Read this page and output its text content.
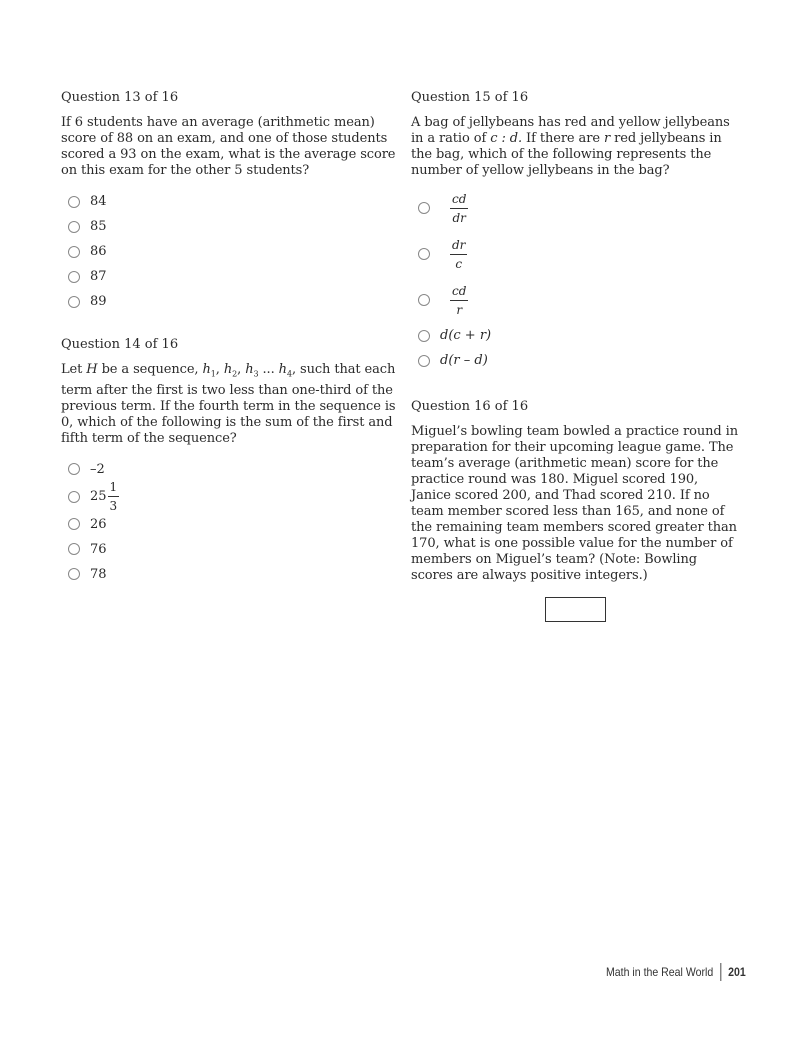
Question 13 of 16

If 6 students have an average (arithmetic mean) score of 88 on an exam, and one of those students scored a 93 on the exam, what is the average score on this exam for the other 5 students?

84
85
86
87
89
Question 14 of 16

Let H be a sequence, $h_1$, $h_2$, $h_3$ ... $h_4$, such that each term after the first is two less than one-third of the previous term. If the fourth term in the sequence is 0, which of the following is the sum of the first and fifth term of the sequence?

–2
$25 \frac{1}{3}$
26
76
78
Question 15 of 16

A bag of jellybeans has red and yellow jellybeans in a ratio of c : d. If there are r red jellybeans in the bag, which of the following represents the number of yellow jellybeans in the bag?

$\frac{cd}{dr}$
$\frac{dr}{c}$
$\frac{cd}{r}$
d(c + r)
d(r – d)
Question 16 of 16

Miguel’s bowling team bowled a practice round in preparation for their upcoming league game. The team’s average (arithmetic mean) score for the practice round was 180. Miguel scored 190, Janice scored 200, and Thad scored 210. If no team member scored less than 165, and none of the remaining team members scored greater than 170, what is one possible value for the number of members on Miguel’s team? (Note: Bowling scores are always positive integers.)

Math in the Real World 201
